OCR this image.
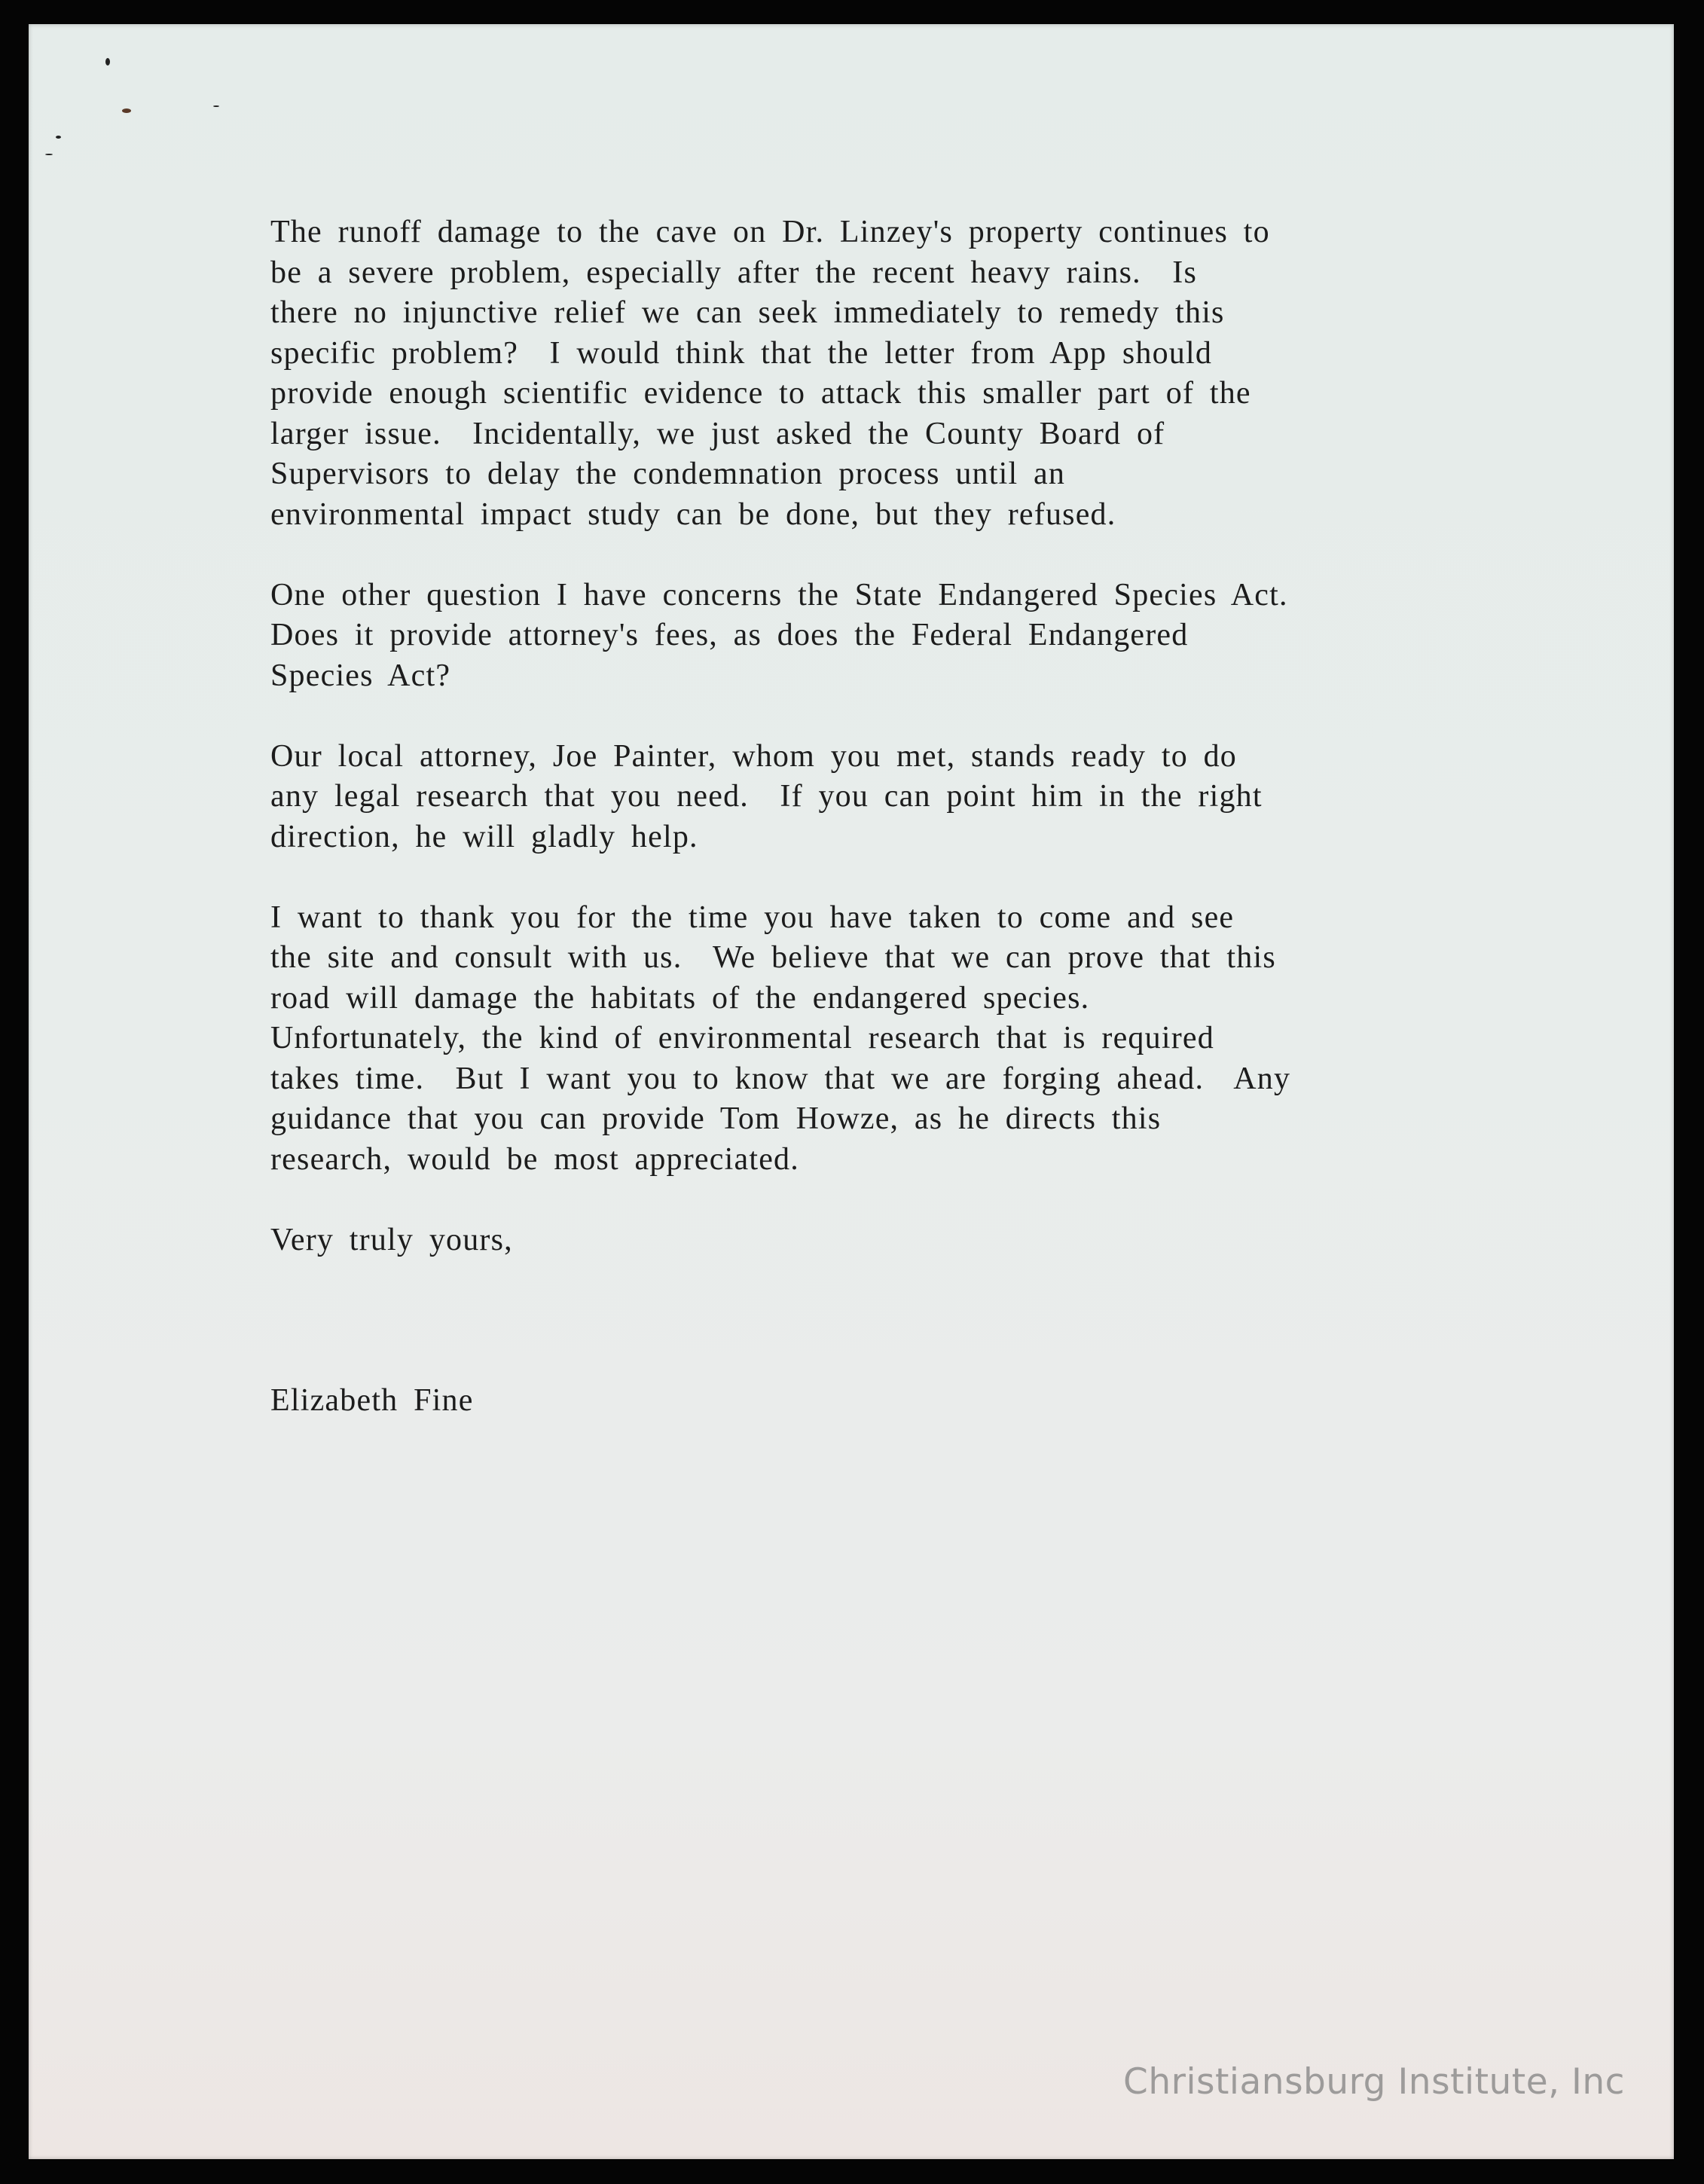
The runoff damage to the cave on Dr. Linzey's property continues to
be a severe problem, especially after the recent heavy rains.  Is
there no injunctive relief we can seek immediately to remedy this
specific problem?  I would think that the letter from App should
provide enough scientific evidence to attack this smaller part of the
larger issue.  Incidentally, we just asked the County Board of
Supervisors to delay the condemnation process until an
environmental impact study can be done, but they refused.
One other question I have concerns the State Endangered Species Act.
Does it provide attorney's fees, as does the Federal Endangered
Species Act?
Our local attorney, Joe Painter, whom you met, stands ready to do
any legal research that you need.  If you can point him in the right
direction, he will gladly help.
I want to thank you for the time you have taken to come and see
the site and consult with us.  We believe that we can prove that this
road will damage the habitats of the endangered species.
Unfortunately, the kind of environmental research that is required
takes time.  But I want you to know that we are forging ahead.  Any
guidance that you can provide Tom Howze, as he directs this
research, would be most appreciated.
Very truly yours,
Elizabeth Fine
Christiansburg Institute, Inc
